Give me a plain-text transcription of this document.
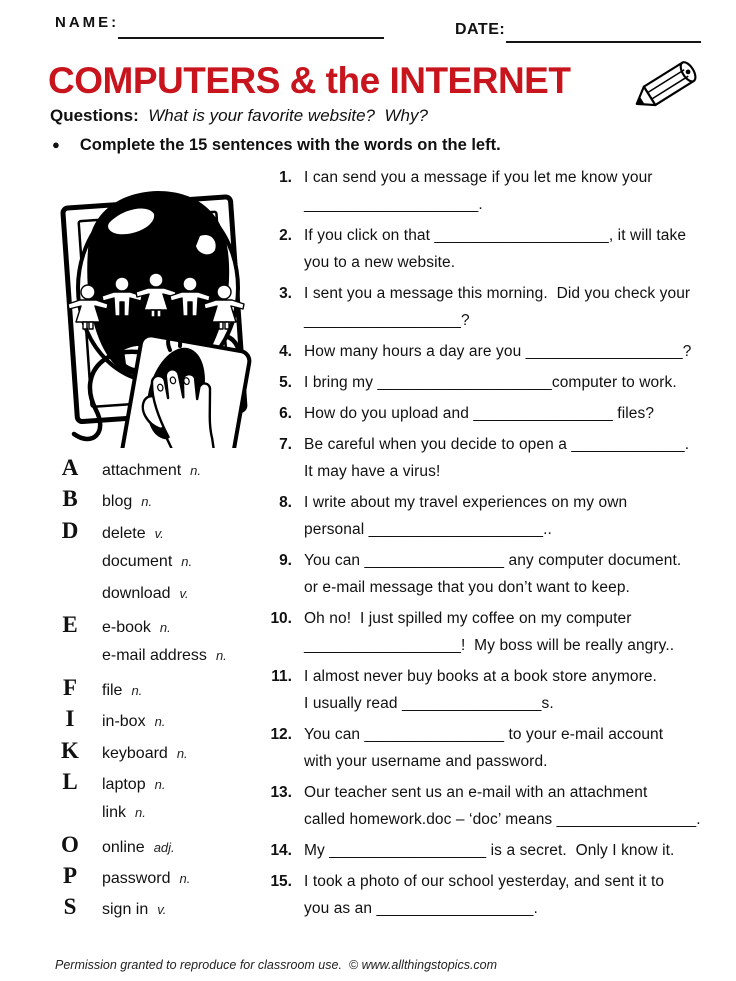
NAME:	DATE:
COMPUTERS & the INTERNET
Questions: What is your favorite website?  Why?
● Complete the 15 sentences with the words on the left.
A	attachment n.
B	blog n.
D	delete v.
document n.
download v.
E	e-book n.
e-mail address n.
F	file n.
I	in-box n.
K	keyboard n.
L	laptop n.
link n.
O	online adj.
P	password n.
S	sign in v.
1. I can send you a message if you let me know your
____________________.
2. If you click on that ____________________, it will take
you to a new website.
3. I sent you a message this morning.  Did you check your
__________________?
4. How many hours a day are you __________________?
5. I bring my ____________________computer to work.
6. How do you upload and ________________ files?
7. Be careful when you decide to open a _____________.
It may have a virus!
8. I write about my travel experiences on my own
personal ____________________..
9. You can ________________ any computer document.
or e-mail message that you don’t want to keep.
10. Oh no!  I just spilled my coffee on my computer
__________________!  My boss will be really angry..
11. I almost never buy books at a book store anymore.
I usually read ________________s.
12. You can ________________ to your e-mail account
with your username and password.
13. Our teacher sent us an e-mail with an attachment
called homework.doc – ‘doc’ means ________________.
14. My __________________ is a secret.  Only I know it.
15. I took a photo of our school yesterday, and sent it to
you as an __________________.
Permission granted to reproduce for classroom use.  © www.allthingstopics.com
